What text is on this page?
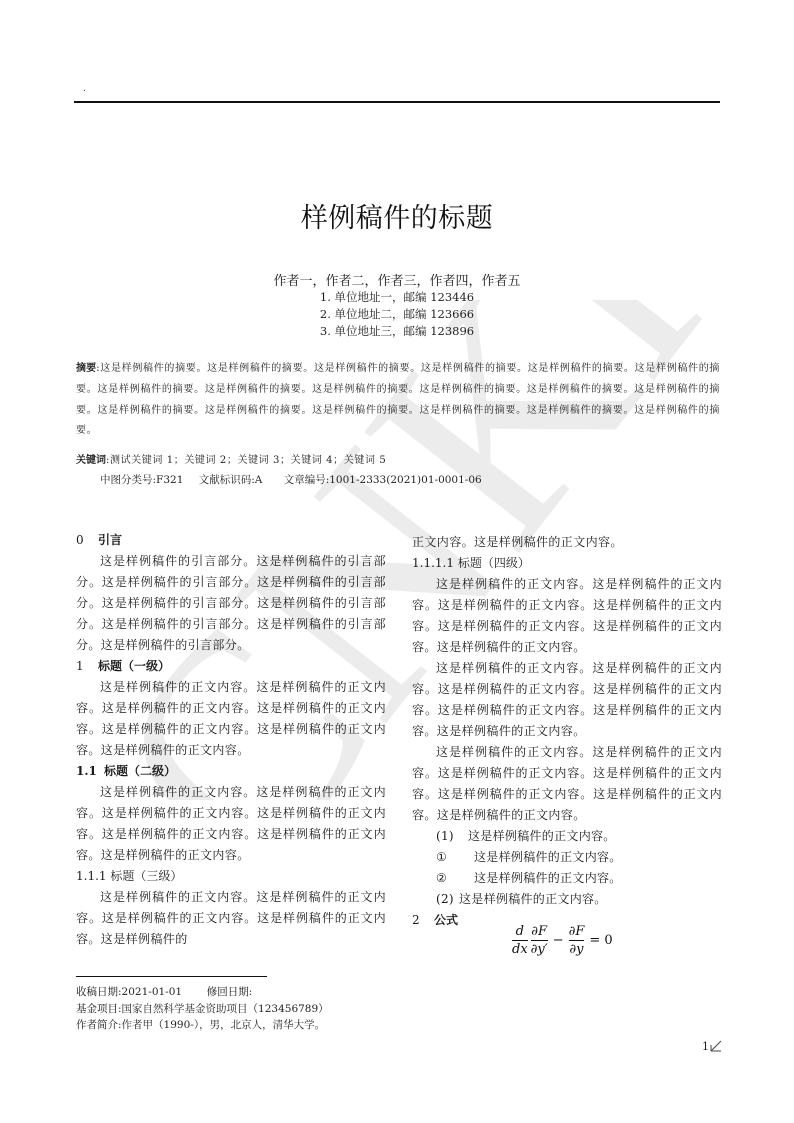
.
CNKI
样例稿件的标题
作者一，作者二，作者三，作者四，作者五
1. 单位地址一，邮编 123446
2. 单位地址二，邮编 123666
3. 单位地址三，邮编 123896
摘要:这是样例稿件的摘要。这是样例稿件的摘要。这是样例稿件的摘要。这是样例稿件的摘要。这是样例稿件的摘要。这是样例稿件的摘要。这是样例稿件的摘要。这是样例稿件的摘要。这是样例稿件的摘要。这是样例稿件的摘要。这是样例稿件的摘要。这是样例稿件的摘要。这是样例稿件的摘要。这是样例稿件的摘要。这是样例稿件的摘要。这是样例稿件的摘要。这是样例稿件的摘要。这是样例稿件的摘要。
关键词:测试关键词 1；关键词 2；关键词 3；关键词 4；关键词 5
中图分类号:F321 文献标识码:A 文章编号:1001-2333(2021)01-0001-06
0 引言
这是样例稿件的引言部分。这是样例稿件的引言部分。这是样例稿件的引言部分。这是样例稿件的引言部分。这是样例稿件的引言部分。这是样例稿件的引言部分。这是样例稿件的引言部分。这是样例稿件的引言部分。这是样例稿件的引言部分。
1 标题（一级）
这是样例稿件的正文内容。这是样例稿件的正文内容。这是样例稿件的正文内容。这是样例稿件的正文内容。这是样例稿件的正文内容。这是样例稿件的正文内容。这是样例稿件的正文内容。
1.1 标题（二级）
这是样例稿件的正文内容。这是样例稿件的正文内容。这是样例稿件的正文内容。这是样例稿件的正文内容。这是样例稿件的正文内容。这是样例稿件的正文内容。这是样例稿件的正文内容。
1.1.1 标题（三级）
这是样例稿件的正文内容。这是样例稿件的正文内容。这是样例稿件的正文内容。这是样例稿件的正文内容。这是样例稿件的
正文内容。这是样例稿件的正文内容。
1.1.1.1 标题（四级）
这是样例稿件的正文内容。这是样例稿件的正文内容。这是样例稿件的正文内容。这是样例稿件的正文内容。这是样例稿件的正文内容。这是样例稿件的正文内容。这是样例稿件的正文内容。
这是样例稿件的正文内容。这是样例稿件的正文内容。这是样例稿件的正文内容。这是样例稿件的正文内容。这是样例稿件的正文内容。这是样例稿件的正文内容。这是样例稿件的正文内容。
这是样例稿件的正文内容。这是样例稿件的正文内容。这是样例稿件的正文内容。这是样例稿件的正文内容。这是样例稿件的正文内容。这是样例稿件的正文内容。这是样例稿件的正文内容。
(1) 这是样例稿件的正文内容。
① 这是样例稿件的正文内容。
② 这是样例稿件的正文内容。
(2) 这是样例稿件的正文内容。
2 公式
$\frac{d}{dx} \frac{\partial F}{\partial y'} - \frac{\partial F}{\partial y} = 0$
收稿日期:2021-01-01 修回日期:
基金项目:国家自然科学基金资助项目（123456789）
作者简介:作者甲（1990-），男，北京人，清华大学。
1
